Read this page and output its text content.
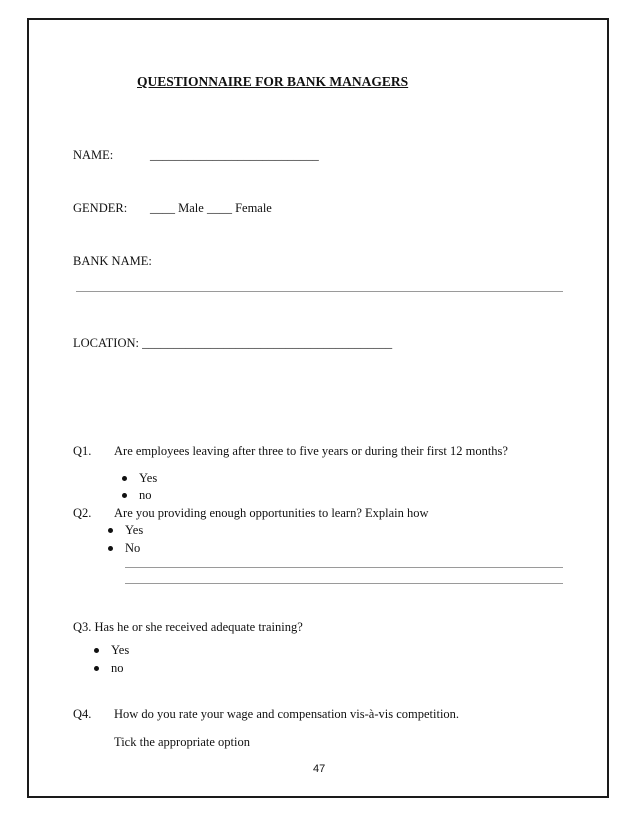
QUESTIONNAIRE FOR BANK MANAGERS
NAME:	___________________________
GENDER: ____ Male ____ Female
BANK NAME:
LOCATION: ________________________________________
Q1. Are employees leaving after three to five years or during their first 12 months?
Yes
no
Q2. Are you providing enough opportunities to learn? Explain how
Yes
No
Q3. Has he or she received adequate training?
Yes
no
Q4. How do you rate your wage and compensation vis-à-vis competition.
Tick the appropriate option
47
